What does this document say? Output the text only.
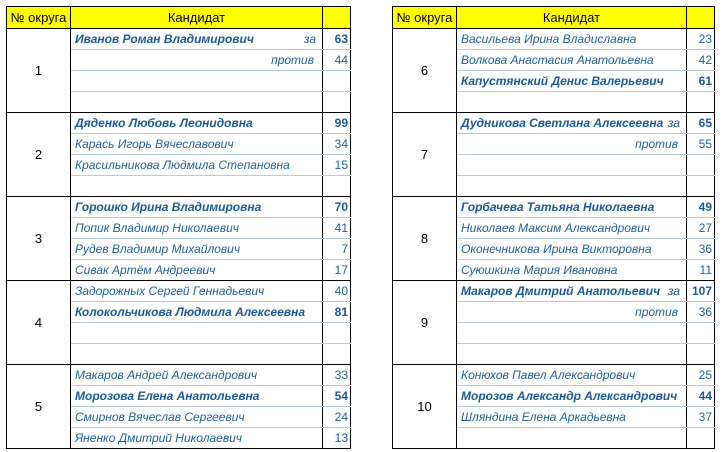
№ округа	Кандидат	
1	Иванов Роман Владимирович за	63
	против	44

2	Дяденко Любовь Леонидовна	99
	Карась Игорь Вячеславович	34
	Красильникова Людмила Степановна	15

3	Горошко Ирина Владимировна	70
	Попик Владимир Николаевич	41
	Рудев Владимир Михайлович	7
	Сивак Артём Андреевич	17
4	Задорожных Сергей Геннадьевич	40
	Колокольчикова Людмила Алексеевна	81

5	Макаров Андрей Александрович	33
	Морозова Елена Анатольевна	54
	Смирнов Вячеслав Сергеевич	24
	Яненко Дмитрий Николаевич	13
№ округа	Кандидат	
6	Васильева Ирина Владиславна	23
	Волкова Анастасия Анатольевна	42
	Капустянский Денис Валерьевич	61

7	Дудникова Светлана Алексеевна за	65
	против	55

8	Горбачева Татьяна Николаевна	49
	Николаев Максим Александрович	27
	Оконечникова Ирина Викторовна	36
	Суюшкина Мария Ивановна	11
9	Макаров Дмитрий Анатольевич за	107
	против	36

10	Конюхов Павел Александрович	25
	Морозов Александр Александрович	44
	Шляндина Елена Аркадьевна	37
